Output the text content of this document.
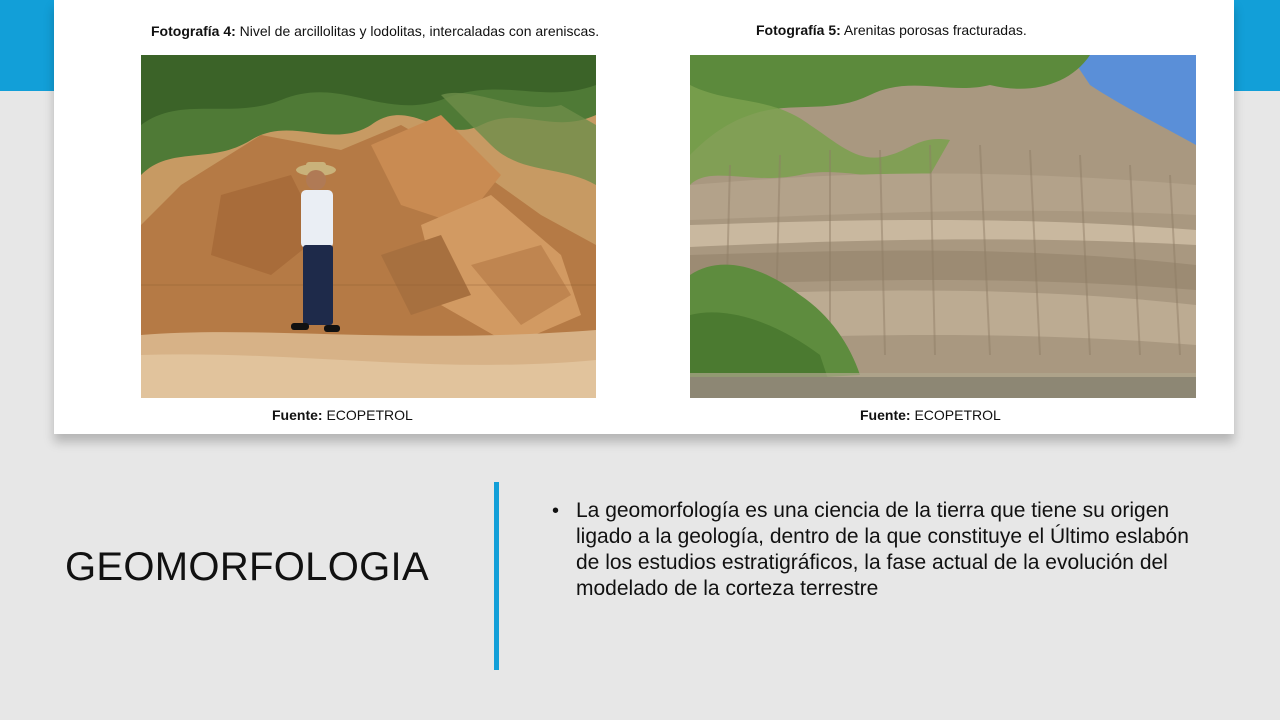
Fotografía 4: Nivel de arcillolitas y lodolitas, intercaladas con areniscas.	Fotografía 5: Arenitas porosas fracturadas.
Fuente: ECOPETROL	Fuente: ECOPETROL
GEOMORFOLOGIA
• La geomorfología es una ciencia de la tierra que tiene su origen ligado a la geología, dentro de la que constituye el Último eslabón de los estudios estratigráficos, la fase actual de la evolución del modelado de la corteza terrestre
